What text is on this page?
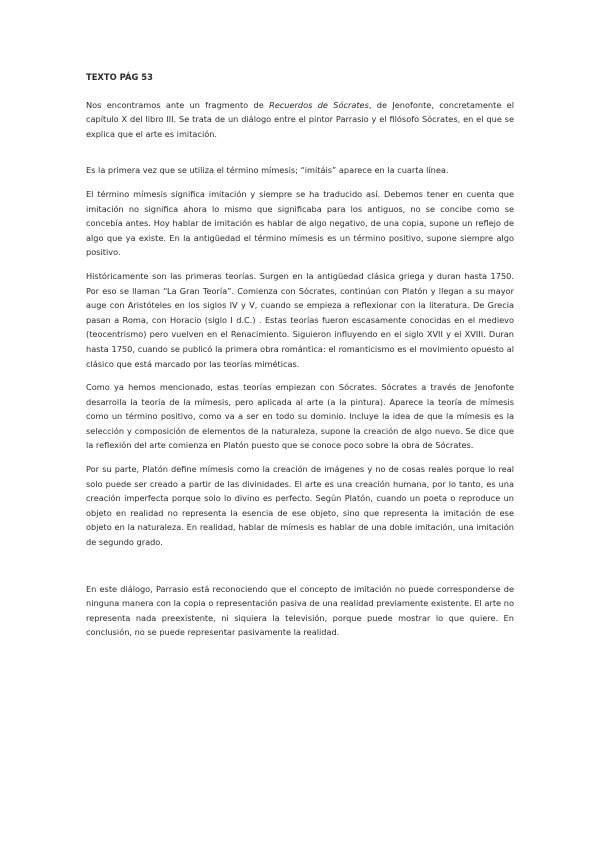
TEXTO PÁG 53

Nos encontramos ante un fragmento de Recuerdos de Sócrates, de Jenofonte, concretamente el capítulo X del libro III. Se trata de un diálogo entre el pintor Parrasio y el filósofo Sócrates, en el que se explica que el arte es imitación.

Es la primera vez que se utiliza el término mímesis; “imitáis” aparece en la cuarta línea.

El término mímesis significa imitación y siempre se ha traducido así. Debemos tener en cuenta que imitación no significa ahora lo mismo que significaba para los antiguos, no se concibe como se concebía antes. Hoy hablar de imitación es hablar de algo negativo, de una copia, supone un reflejo de algo que ya existe. En la antigüedad el término mímesis es un término positivo, supone siempre algo positivo.

Históricamente son las primeras teorías. Surgen en la antigüedad clásica griega y duran hasta 1750. Por eso se llaman “La Gran Teoría”. Comienza con Sócrates, continúan con Platón y llegan a su mayor auge con Aristóteles en los siglos IV y V, cuando se empieza a reflexionar con la literatura. De Grecia pasan a Roma, con Horacio (siglo I d.C.) . Estas teorías fueron escasamente conocidas en el medievo (teocentrismo) pero vuelven en el Renacimiento. Siguieron influyendo en el siglo XVII y el XVIII. Duran hasta 1750, cuando se publicó la primera obra romántica: el romanticismo es el movimiento opuesto al clásico que está marcado por las teorías miméticas.

Como ya hemos mencionado, estas teorías empiezan con Sócrates. Sócrates a través de Jenofonte desarrolla la teoría de la mímesis, pero aplicada al arte (a la pintura). Aparece la teoría de mímesis como un término positivo, como va a ser en todo su dominio. Incluye la idea de que la mímesis es la selección y composición de elementos de la naturaleza, supone la creación de algo nuevo. Se dice que la reflexión del arte comienza en Platón puesto que se conoce poco sobre la obra de Sócrates.

Por su parte, Platón define mímesis como la creación de imágenes y no de cosas reales porque lo real solo puede ser creado a partir de las divinidades. El arte es una creación humana, por lo tanto, es una creación imperfecta porque solo lo divino es perfecto. Según Platón, cuando un poeta o reproduce un objeto en realidad no representa la esencia de ese objeto, sino que representa la imitación de ese objeto en la naturaleza. En realidad, hablar de mímesis es hablar de una doble imitación, una imitación de segundo grado.

En este diálogo, Parrasio está reconociendo que el concepto de imitación no puede corresponderse de ninguna manera con la copia o representación pasiva de una realidad previamente existente. El arte no representa nada preexistente, ni siquiera la televisión, porque puede mostrar lo que quiere. En conclusión, no se puede representar pasivamente la realidad.
